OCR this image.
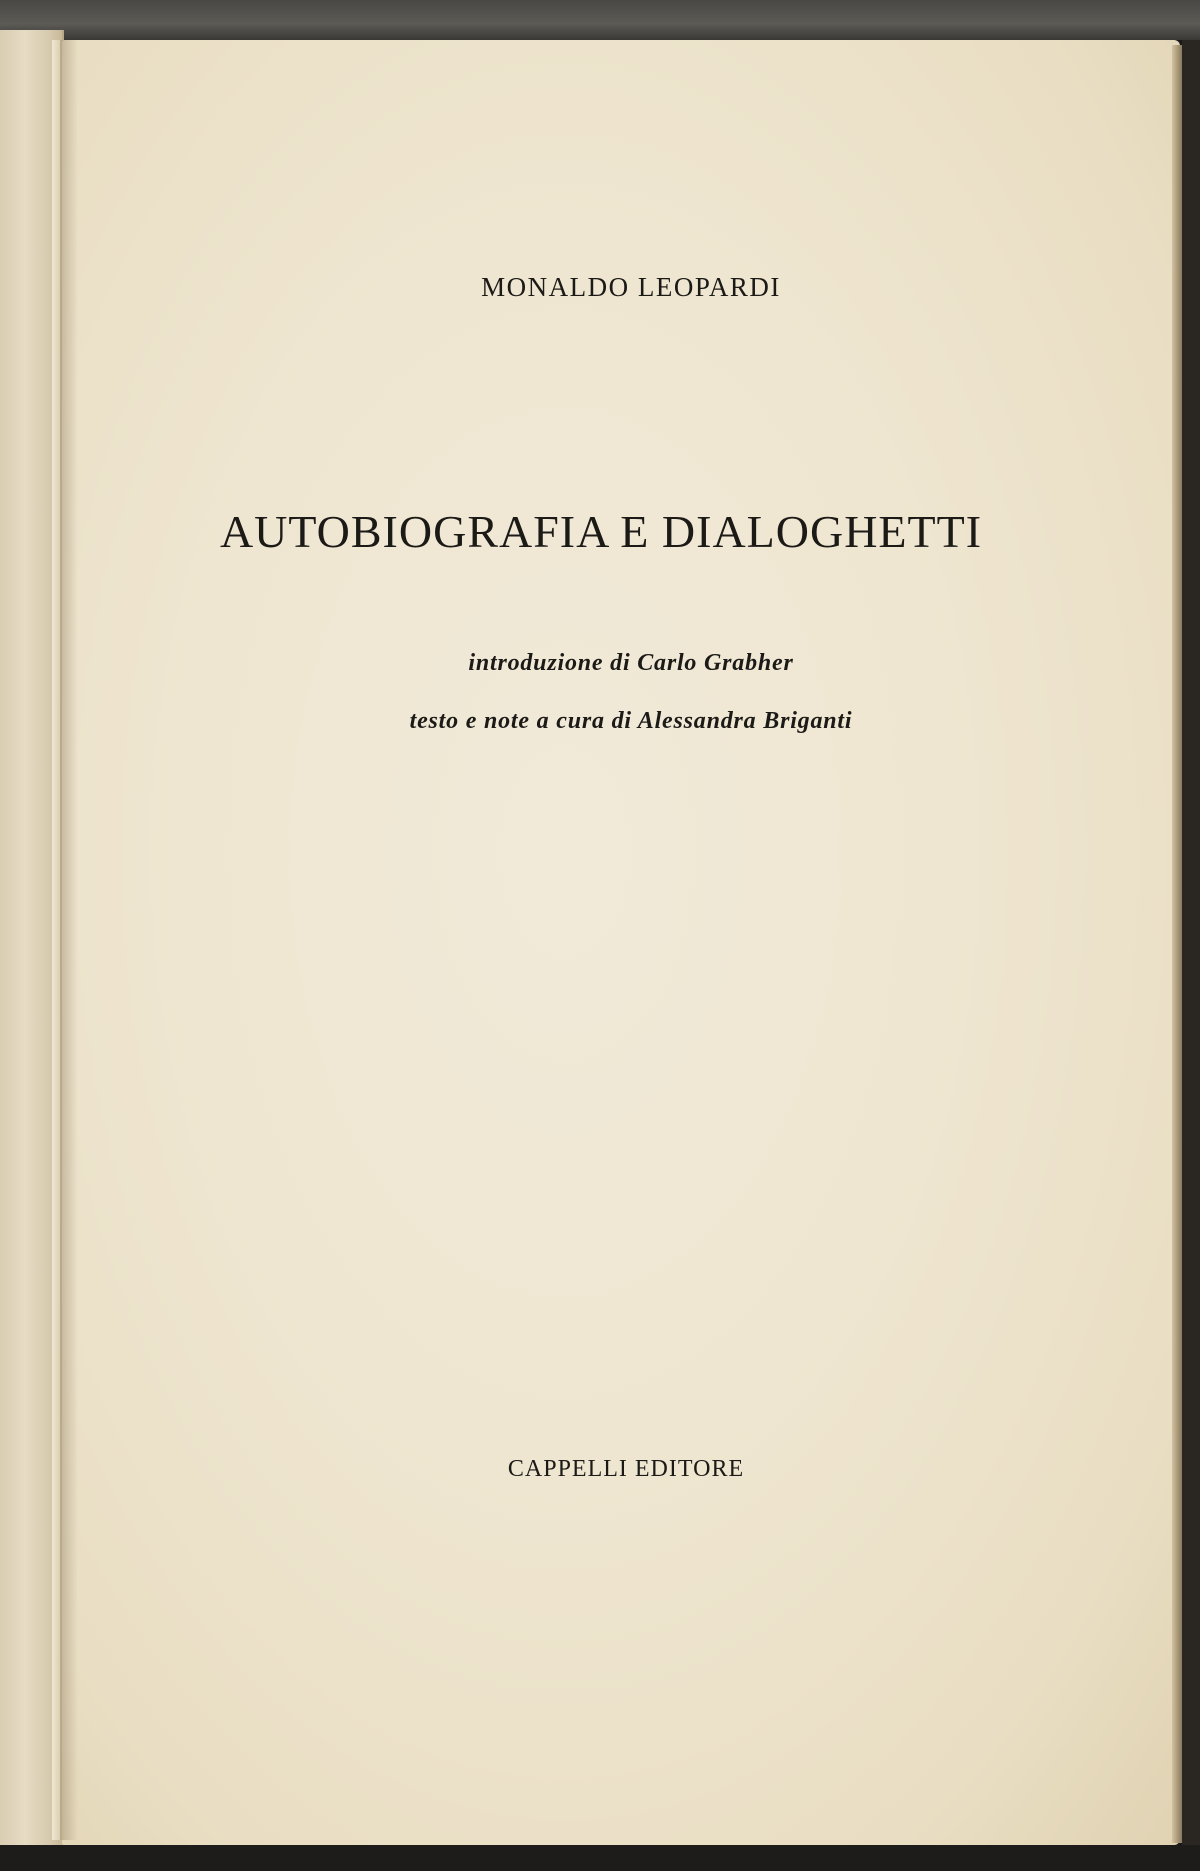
MONALDO LEOPARDI
AUTOBIOGRAFIA E DIALOGHETTI
introduzione di Carlo Grabher
testo e note a cura di Alessandra Briganti
CAPPELLI EDITORE
